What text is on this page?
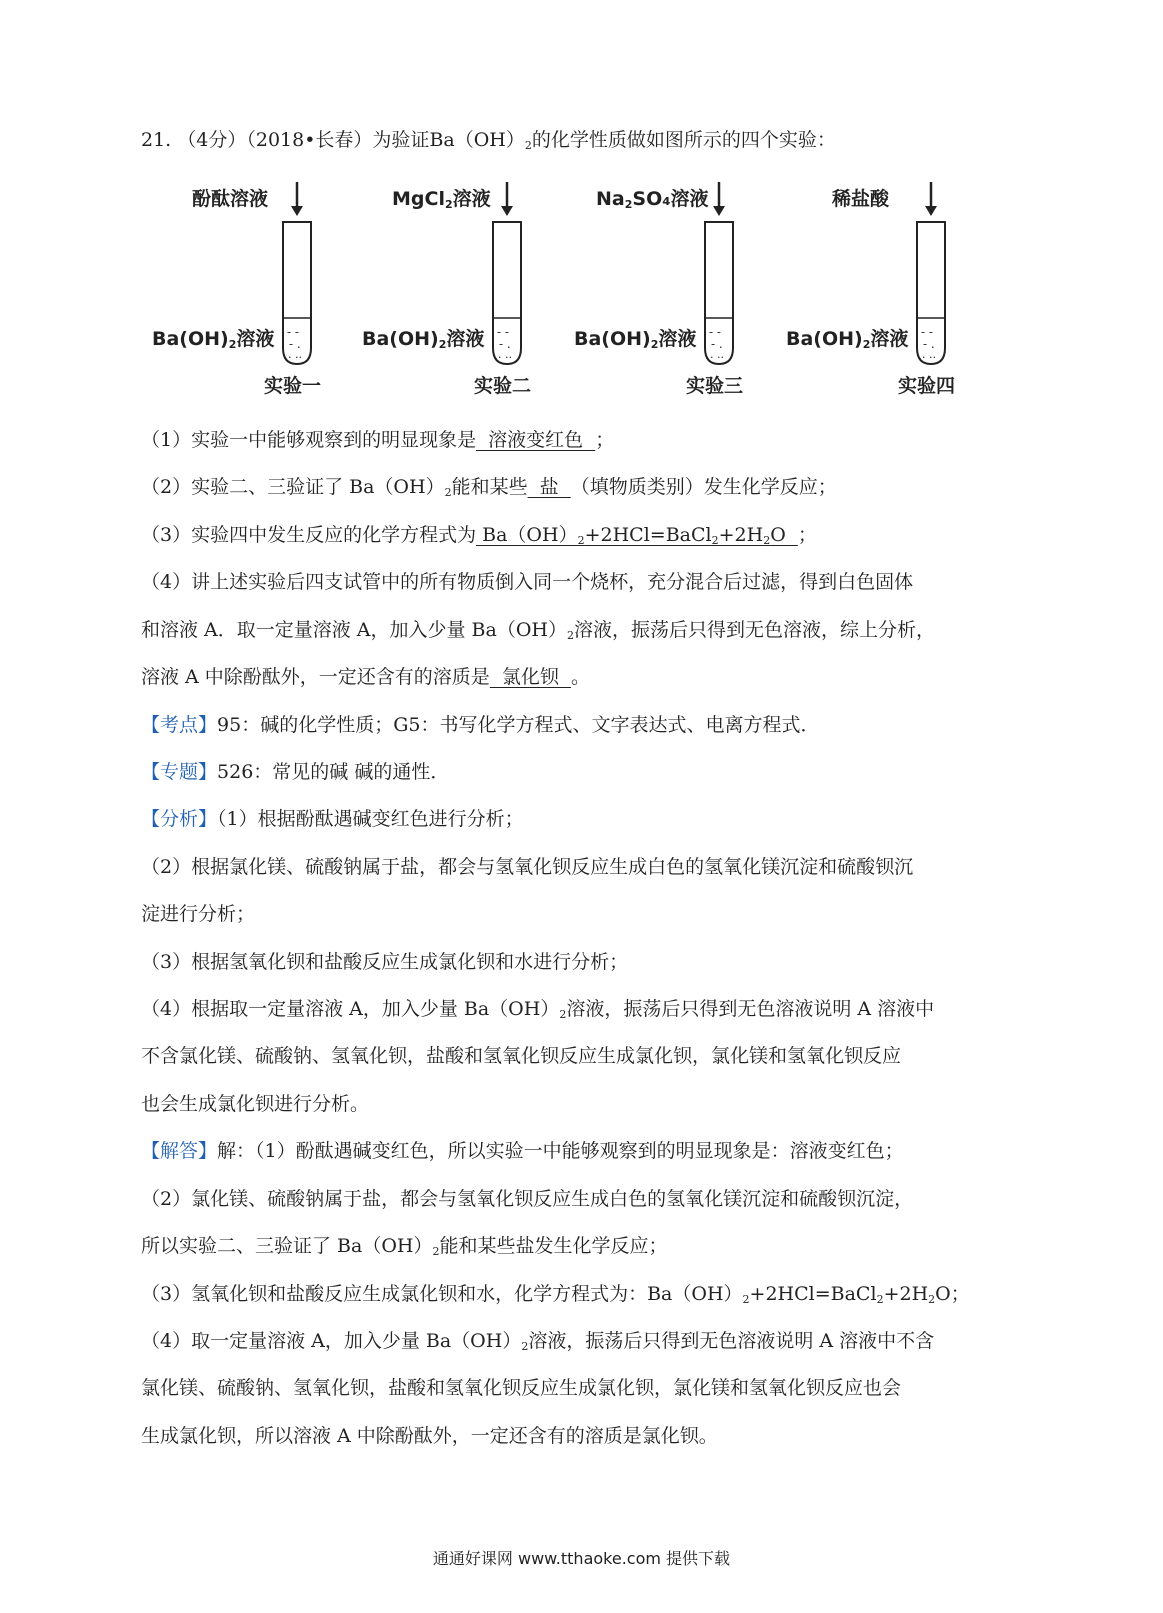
21. （4分）（2018•长春）为验证$Ba(OH)_2$的化学性质做如图所示的四个实验：
酚酞溶液
- -
- .
. ..
$Ba(OH)_2$溶液
实验一
MgCl$_2$溶液
- -
- .
. ..
$Ba(OH)_2$溶液
实验二
$Na_2SO_4$溶液
- -
- .
. ..
$Ba(OH)_2$溶液
实验三
稀盐酸
- -
- .
. ..
$Ba(OH)_2$溶液
实验四
（1）实验一中能够观察到的明显现象是  溶液变红色  ；
（2）实验二、三验证了 $Ba(OH)_2$能和某些  盐  （填物质类别）发生化学反应；
（3）实验四中发生反应的化学方程式为 $Ba(OH)_2+2HCl=BaCl_2+2H_2O$  ；
（4）讲上述实验后四支试管中的所有物质倒入同一个烧杯，充分混合后过滤，得到白色固体
和溶液 A．取一定量溶液 A，加入少量 $Ba(OH)_2$溶液，振荡后只得到无色溶液，综上分析，
溶液 A 中除酚酞外，一定还含有的溶质是  氯化钡  。
【考点】95：碱的化学性质；G5：书写化学方程式、文字表达式、电离方程式．
【专题】526：常见的碱 碱的通性．
【分析】（1）根据酚酞遇碱变红色进行分析；
（2）根据氯化镁、硫酸钠属于盐，都会与氢氧化钡反应生成白色的氢氧化镁沉淀和硫酸钡沉
淀进行分析；
（3）根据氢氧化钡和盐酸反应生成氯化钡和水进行分析；
（4）根据取一定量溶液 A，加入少量 $Ba(OH)_2$溶液，振荡后只得到无色溶液说明 A 溶液中
不含氯化镁、硫酸钠、氢氧化钡，盐酸和氢氧化钡反应生成氯化钡，氯化镁和氢氧化钡反应
也会生成氯化钡进行分析。
【解答】解：（1）酚酞遇碱变红色，所以实验一中能够观察到的明显现象是：溶液变红色；
（2）氯化镁、硫酸钠属于盐，都会与氢氧化钡反应生成白色的氢氧化镁沉淀和硫酸钡沉淀，
所以实验二、三验证了 $Ba(OH)_2$能和某些盐发生化学反应；
（3）氢氧化钡和盐酸反应生成氯化钡和水，化学方程式为：$Ba(OH)_2+2HCl=BaCl_2+2H_2O$；
（4）取一定量溶液 A，加入少量 $Ba(OH)_2$溶液，振荡后只得到无色溶液说明 A 溶液中不含
氯化镁、硫酸钠、氢氧化钡，盐酸和氢氧化钡反应生成氯化钡，氯化镁和氢氧化钡反应也会
生成氯化钡，所以溶液 A 中除酚酞外，一定还含有的溶质是氯化钡。
通通好课网 www.tthaoke.com 提供下载
